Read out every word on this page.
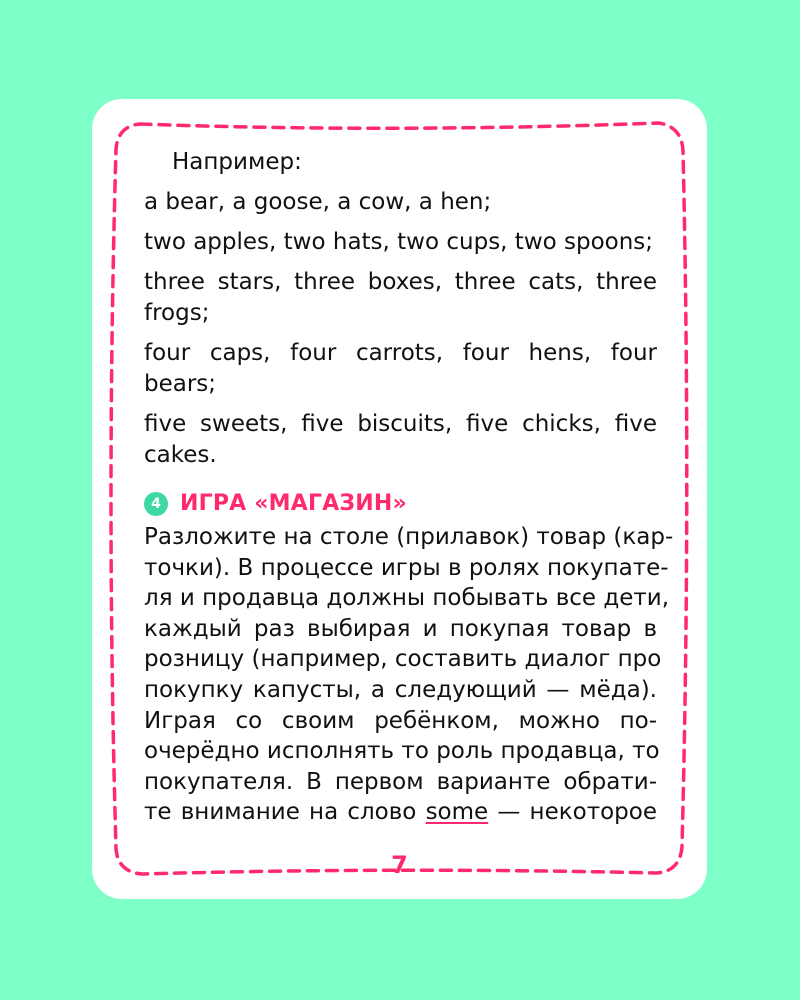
Например:
a bear, a goose, a cow, a hen;
two apples, two hats, two cups, two spoons;
three stars, three boxes, three cats, three
frogs;
four caps, four carrots, four hens, four
bears;
five sweets, five biscuits, five chicks, five
cakes.
4 ИГРА «МАГАЗИН»
Разложите на столе (прилавок) товар (кар-
точки). В процессе игры в ролях покупате-
ля и продавца должны побывать все дети,
каждый раз выбирая и покупая товар в
розницу (например, составить диалог про
покупку капусты, а следующий — мёда).
Играя со своим ребёнком, можно по-
очерёдно исполнять то роль продавца, то
покупателя. В первом варианте обрати-
те внимание на слово some — некоторое
7
